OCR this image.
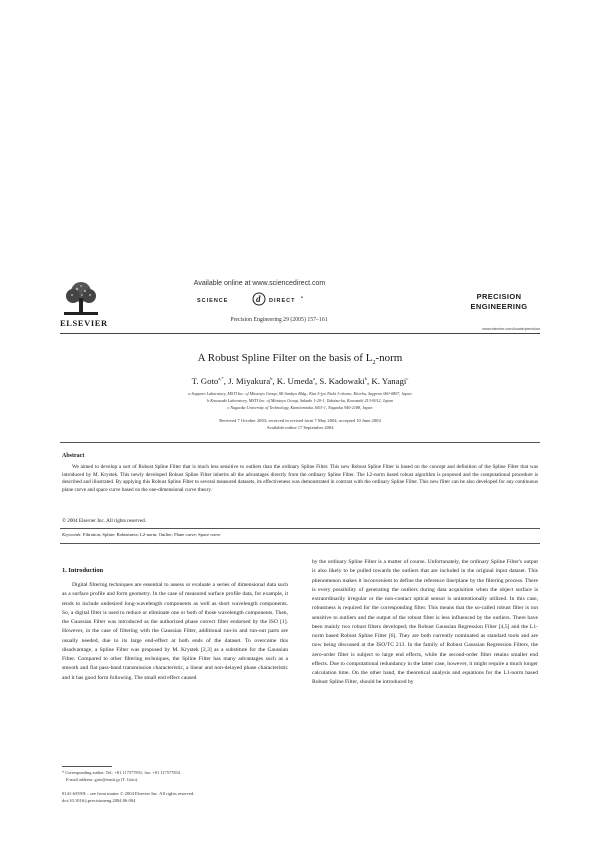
ELSEVIER
Available online at www.sciencedirect.com
SCIENCE	d DIRECT •
Precision Engineering 29 (2005) 157–161
PRECISION
ENGINEERING
www.elsevier.com/locate/precision
A Robust Spline Filter on the basis of $L_2$-norm
T. Goto$^{a,*}$, J. Miyakura$^b$, K. Umeda$^a$, S. Kadowaki$^b$, K. Yanagi$^c$
a Sapporo Laboratory, MSTI Inc. of Mitutoyo Group, SE-Sanbyo Bldg., Kita 5-jyo Nishi 1-chome, Kita-ku, Sapporo 060-0807, Japan
b Kawasaki Laboratory, MSTI Inc. of Mitutoyo Group, Sakado 1-20-1, Takatsu-ku, Kawasaki 213-0012, Japan
c Nagaoka University of Technology, Kamitomioka 1603-1, Nagaoka 940-2188, Japan
Received 7 October 2003; received in revised form 7 May 2004; accepted 10 June 2004
Available online 17 September 2004
Abstract
We aimed to develop a sort of Robust Spline Filter that is much less sensitive to outliers than the ordinary Spline Filter. This new Robust Spline Filter is based on the concept and definition of the Spline Filter that was introduced by M. Krystek. This newly developed Robust Spline Filter inherits all the advantages directly from the ordinary Spline Filter. The L2-norm based robust algorithm is proposed and the computational procedure is described and illustrated. By applying this Robust Spline Filter to several measured datasets, its effectiveness was demonstrated in contrast with the ordinary Spline Filter. This new filter can be also developed for any continuous plane curve and space curve based on the one-dimensional curve theory.
© 2004 Elsevier Inc. All rights reserved.
Keywords: Filtration; Spline; Robustness; L2-norm; Outlier; Plane curve; Space curve
1. Introduction
Digital filtering techniques are essential to assess or evaluate a series of dimensional data such as a surface profile and form geometry. In the case of measured surface profile data, for example, it tends to include undesired long-wavelength components as well as short wavelength components. So, a digital filter is used to reduce or eliminate one or both of those wavelength components. Then, the Gaussian Filter was introduced as the authorized phase correct filter endorsed by the ISO [1]. However, in the case of filtering with the Gaussian Filter, additional run-in and run-out parts are usually needed, due to its large end-effect at both ends of the dataset. To overcome this disadvantage, a Spline Filter was proposed by M. Krystek [2,3] as a substitute for the Gaussian Filter. Compared to other filtering techniques, the Spline Filter has many advantages such as a smooth and flat pass-band transmission characteristic, a linear and non-delayed phase characteristic and it has good form following. The small end effect caused
by the ordinary Spline Filter is a matter of course. Unfortunately, the ordinary Spline Filter's output is also likely to be pulled towards the outliers that are included in the original input dataset. This phenomenon makes it inconvenient to define the reference line/plane by the filtering process. There is every possibility of generating the outliers during data acquisition when the object surface is extraordinarily irregular or the non-contact optical sensor is unintentionally utilized. In this case, robustness is required for the corresponding filter. This means that the so-called robust filter is not sensitive to outliers and the output of the robust filter is less influenced by the outliers. There have been mainly two robust filters developed; the Robust Gaussian Regression Filter [4,5] and the L1-norm based Robust Spline Filter [6]. They are both currently nominated as standard tools and are now being discussed at the ISO/TC 213. In the family of Robust Gaussian Regression Filters, the zero-order filter is subject to large end effects, while the second-order filter retains smaller end effects. Due to computational redundancy in the latter case, however, it might require a much longer calculation time. On the other hand, the theoretical analysis and equations for the L1-norm based Robust Spline Filter, should be introduced by
* Corresponding author. Tel.: +81 117577831; fax: +81 117577833.
E-mail address: goto@mstii.jp (T. Goto).
0141-6359/$ – see front matter © 2004 Elsevier Inc. All rights reserved.
doi:10.1016/j.precisioneng.2004.06.004
